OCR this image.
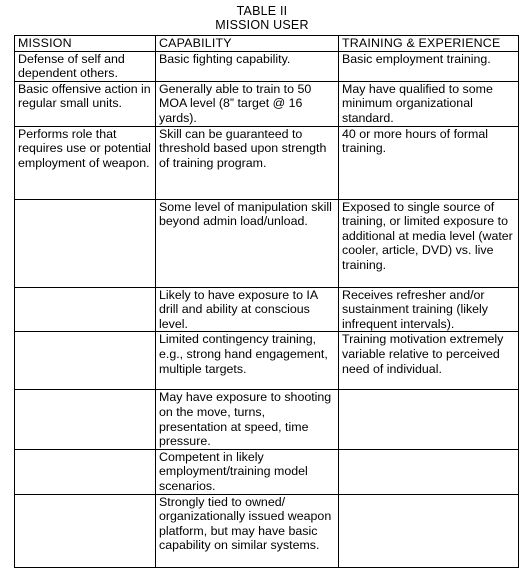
TABLE II
MISSION USER
MISSION	CAPABILITY	TRAINING & EXPERIENCE
Defense of self and dependent others.	Basic fighting capability.	Basic employment training.
Basic offensive action in regular small units.	Generally able to train to 50 MOA level (8” target @ 16 yards).	May have qualified to some minimum organizational standard.
Performs role that requires use or potential employment of weapon.	Skill can be guaranteed to threshold based upon strength of training program.	40 or more hours of formal training.
	Some level of manipulation skill beyond admin load/unload.	Exposed to single source of training, or limited exposure to additional at media level (water cooler, article, DVD) vs. live training.
	Likely to have exposure to IA drill and ability at conscious level.	Receives refresher and/or sustainment training (likely infrequent intervals).
	Limited contingency training, e.g., strong hand engagement, multiple targets.	Training motivation extremely variable relative to perceived need of individual.
	May have exposure to shooting on the move, turns, presentation at speed, time pressure.	
	Competent in likely employment/training model scenarios.	
	Strongly tied to owned/ organizationally issued weapon platform, but may have basic capability on similar systems.	
